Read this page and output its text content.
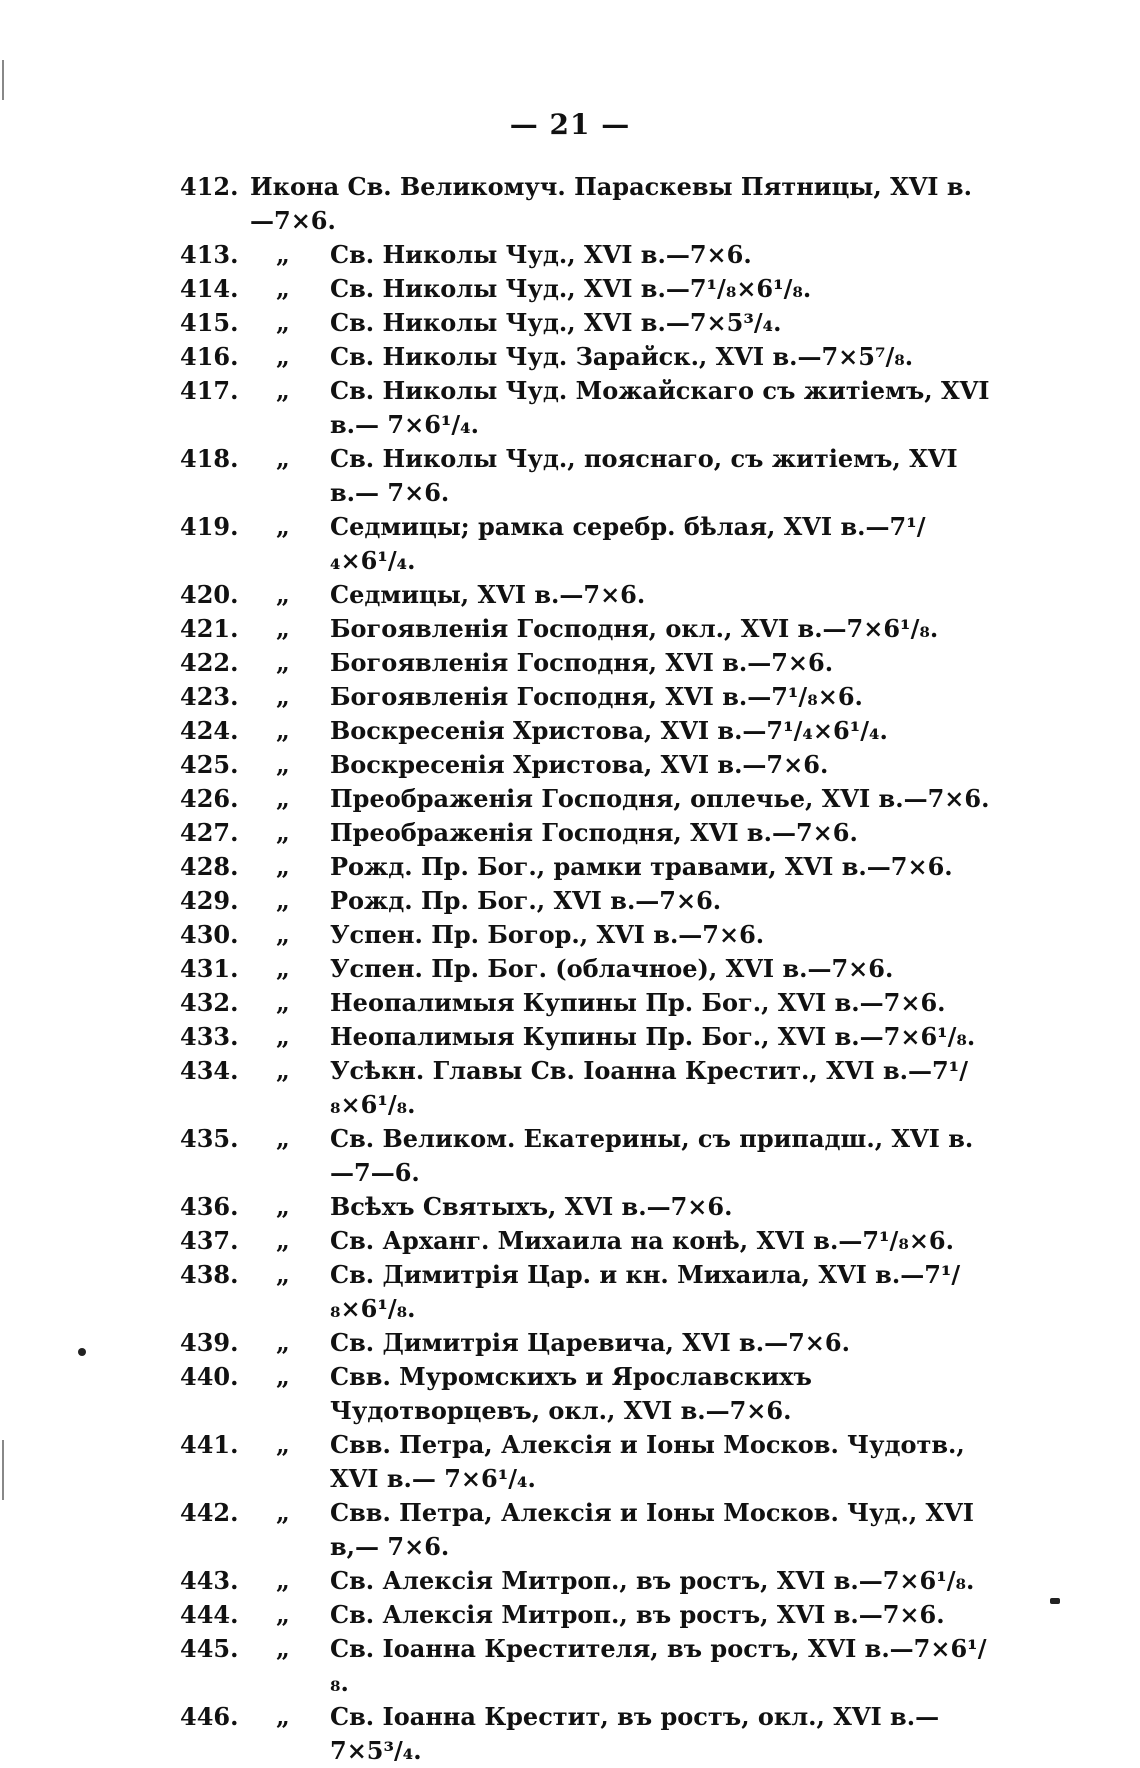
— 21 —
412. Икона Св. Великомуч. Параскевы Пятницы, XVI в.—7×6.
413.	„	Св. Николы Чуд., XVI в.—7×6.
414.	„	Св. Николы Чуд., XVI в.—7¹/₈×6¹/₈.
415.	„	Св. Николы Чуд., XVI в.—7×5³/₄.
416.	„	Св. Николы Чуд. Зарайск., XVI в.—7×5⁷/₈.
417.	„	Св. Николы Чуд. Можайскаго съ житiемъ, XVI в.— 7×6¹/₄.
418.	„	Св. Николы Чуд., пояснаго, съ житiемъ, XVI в.— 7×6.
419.	„	Седмицы; рамка серебр. бѣлая, XVI в.—7¹/₄×6¹/₄.
420.	„	Седмицы, XVI в.—7×6.
421.	„	Богоявленія Господня, окл., XVI в.—7×6¹/₈.
422.	„	Богоявленія Господня, XVI в.—7×6.
423.	„	Богоявленія Господня, XVI в.—7¹/₈×6.
424.	„	Воскресенія Христова, XVI в.—7¹/₄×6¹/₄.
425.	„	Воскресенія Христова, XVI в.—7×6.
426.	„	Преображенія Господня, оплечье, XVI в.—7×6.
427.	„	Преображенія Господня, XVI в.—7×6.
428.	„	Рожд. Пр. Бог., рамки травами, XVI в.—7×6.
429.	„	Рожд. Пр. Бог., XVI в.—7×6.
430.	„	Успен. Пр. Богор., XVI в.—7×6.
431.	„	Успен. Пр. Бог. (облачное), XVI в.—7×6.
432.	„	Неопалимыя Купины Пр. Бог., XVI в.—7×6.
433.	„	Неопалимыя Купины Пр. Бог., XVI в.—7×6¹/₈.
434.	„	Усѣкн. Главы Св. Іоанна Крестит., XVI в.—7¹/₈×6¹/₈.
435.	„	Св. Великом. Екатерины, съ припадш., XVI в.—7—6.
436.	„	Всѣхъ Святыхъ, XVI в.—7×6.
437.	„	Св. Арханг. Михаила на конѣ, XVI в.—7¹/₈×6.
438.	„	Св. Димитрія Цар. и кн. Михаила, XVI в.—7¹/₈×6¹/₈.
439.	„	Св. Димитрія Царевича, XVI в.—7×6.
440.	„	Свв. Муромскихъ и Ярославскихъ Чудотворцевъ, окл., XVI в.—7×6.
441.	„	Свв. Петра, Алексія и Іоны Москов. Чудотв., XVI в.— 7×6¹/₄.
442.	„	Свв. Петра, Алексія и Іоны Москов. Чуд., XVI в,— 7×6.
443.	„	Св. Алексія Митроп., въ ростъ, XVI в.—7×6¹/₈.
444.	„	Св. Алексія Митроп., въ ростъ, XVI в.—7×6.
445.	„	Св. Іоанна Крестителя, въ ростъ, XVI в.—7×6¹/₈.
446.	„	Св. Іоанна Крестит, въ ростъ, окл., XVI в.—7×5³/₄.
